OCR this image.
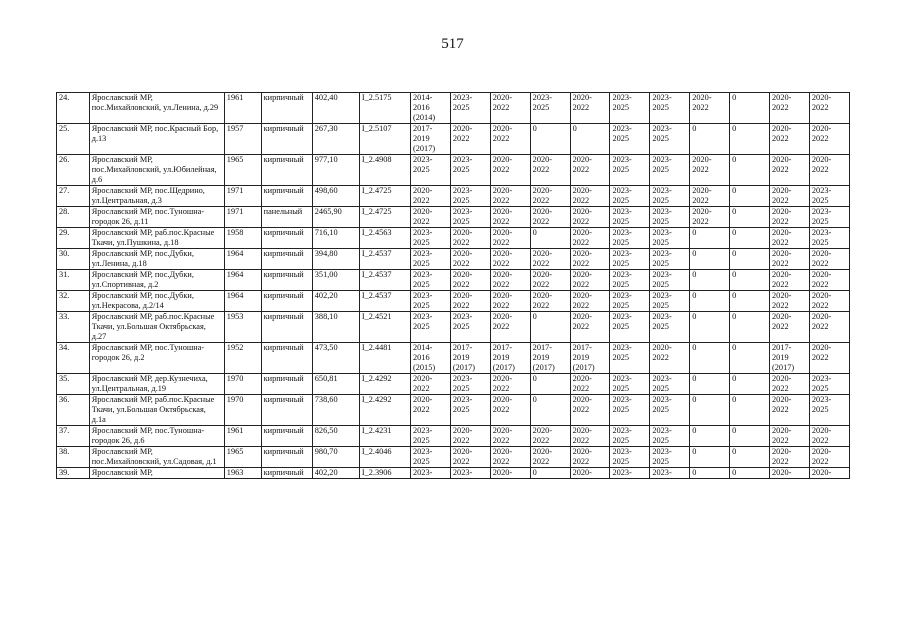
517
24.	Ярославский МР, пос.Михайловский, ул.Ленина, д.29	1961	кирпичный	402,40	I_2.5175	2014-2016 (2014)	2023-2025	2020-2022	2023-2025	2020-2022	2023-2025	2023-2025	2020-2022	0	2020-2022	2020-2022
25.	Ярославский МР, пос.Красный Бор, д.13	1957	кирпичный	267,30	I_2.5107	2017-2019 (2017)	2020-2022	2020-2022	0	0	2023-2025	2023-2025	0	0	2020-2022	2020-2022
26.	Ярославский МР, пос.Михайловский, ул.Юбилейная, д.6	1965	кирпичный	977,10	I_2.4908	2023-2025	2023-2025	2020-2022	2020-2022	2020-2022	2023-2025	2023-2025	2020-2022	0	2020-2022	2020-2022
27.	Ярославский МР, пос.Щедрино, ул.Центральная, д.3	1971	кирпичный	498,60	I_2.4725	2020-2022	2023-2025	2020-2022	2020-2022	2020-2022	2023-2025	2023-2025	2020-2022	0	2020-2022	2023-2025
28.	Ярославский МР, пос.Туношна-городок 26, д.11	1971	панельный	2465,90	I_2.4725	2020-2022	2023-2025	2020-2022	2020-2022	2020-2022	2023-2025	2023-2025	2020-2022	0	2020-2022	2023-2025
29.	Ярославский МР, раб.пос.Красные Ткачи, ул.Пушкина, д.18	1958	кирпичный	716,10	I_2.4563	2023-2025	2020-2022	2020-2022	0	2020-2022	2023-2025	2023-2025	0	0	2020-2022	2023-2025
30.	Ярославский МР, пос.Дубки, ул.Ленина, д.18	1964	кирпичный	394,80	I_2.4537	2023-2025	2020-2022	2020-2022	2020-2022	2020-2022	2023-2025	2023-2025	0	0	2020-2022	2020-2022
31.	Ярославский МР, пос.Дубки, ул.Спортивная, д.2	1964	кирпичный	351,00	I_2.4537	2023-2025	2020-2022	2020-2022	2020-2022	2020-2022	2023-2025	2023-2025	0	0	2020-2022	2020-2022
32.	Ярославский МР, пос.Дубки, ул.Некрасова, д.2/14	1964	кирпичный	402,20	I_2.4537	2023-2025	2020-2022	2020-2022	2020-2022	2020-2022	2023-2025	2023-2025	0	0	2020-2022	2020-2022
33.	Ярославский МР, раб.пос.Красные Ткачи, ул.Большая Октябрьская, д.27	1953	кирпичный	388,10	I_2.4521	2023-2025	2023-2025	2020-2022	0	2020-2022	2023-2025	2023-2025	0	0	2020-2022	2020-2022
34.	Ярославский МР, пос.Туношна-городок 26, д.2	1952	кирпичный	473,50	I_2.4481	2014-2016 (2015)	2017-2019 (2017)	2017-2019 (2017)	2017-2019 (2017)	2017-2019 (2017)	2023-2025	2020-2022	0	0	2017-2019 (2017)	2020-2022
35.	Ярославский МР, дер.Кузнечиха, ул.Центральная, д.19	1970	кирпичный	650,81	I_2.4292	2020-2022	2023-2025	2020-2022	0	2020-2022	2023-2025	2023-2025	0	0	2020-2022	2023-2025
36.	Ярославский МР, раб.пос.Красные Ткачи, ул.Большая Октябрьская, д.1а	1970	кирпичный	738,60	I_2.4292	2020-2022	2023-2025	2020-2022	0	2020-2022	2023-2025	2023-2025	0	0	2020-2022	2023-2025
37.	Ярославский МР, пос.Туношна-городок 26, д.6	1961	кирпичный	826,50	I_2.4231	2023-2025	2020-2022	2020-2022	2020-2022	2020-2022	2023-2025	2023-2025	0	0	2020-2022	2020-2022
38.	Ярославский МР, пос.Михайловский, ул.Садовая, д.1	1965	кирпичный	980,70	I_2.4046	2023-2025	2020-2022	2020-2022	2020-2022	2020-2022	2023-2025	2023-2025	0	0	2020-2022	2020-2022
39.	Ярославский МР,	1963	кирпичный	402,20	I_2.3906	2023-	2023-	2020-	0	2020-	2023-	2023-	0	0	2020-	2020-
